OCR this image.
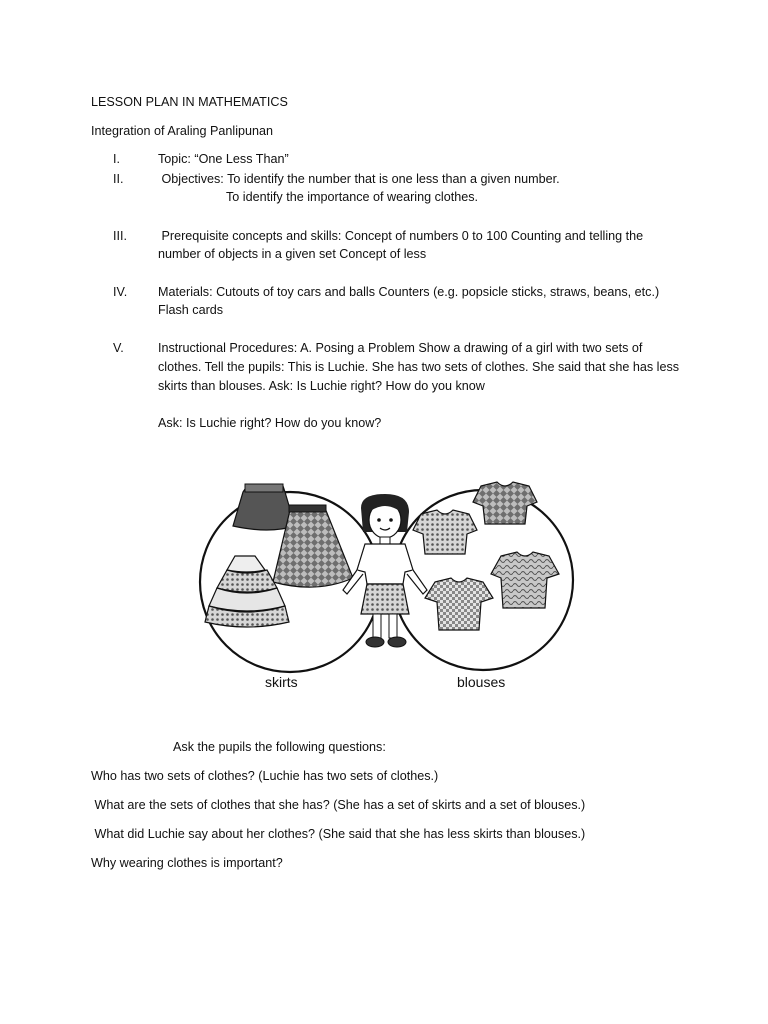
LESSON PLAN IN MATHEMATICS
Integration of Araling Panlipunan
I.	Topic: “One Less Than”
II.	Objectives: To identify the number that is one less than a given number.
To identify the importance of wearing clothes.
III. Prerequisite concepts and skills: Concept of numbers 0 to 100 Counting and telling the
number of objects in a given set Concept of less
IV. Materials: Cutouts of toy cars and balls Counters (e.g. popsicle sticks, straws, beans, etc.)
Flash cards
V.	Instructional Procedures: A. Posing a Problem Show a drawing of a girl with two sets of
clothes. Tell the pupils: This is Luchie. She has two sets of clothes. She said that she has less
skirts than blouses. Ask: Is Luchie right? How do you know
Ask: Is Luchie right? How do you know?
skirts	blouses
Ask the pupils the following questions:
Who has two sets of clothes? (Luchie has two sets of clothes.)
What are the sets of clothes that she has? (She has a set of skirts and a set of blouses.)
What did Luchie say about her clothes? (She said that she has less skirts than blouses.)
Why wearing clothes is important?
